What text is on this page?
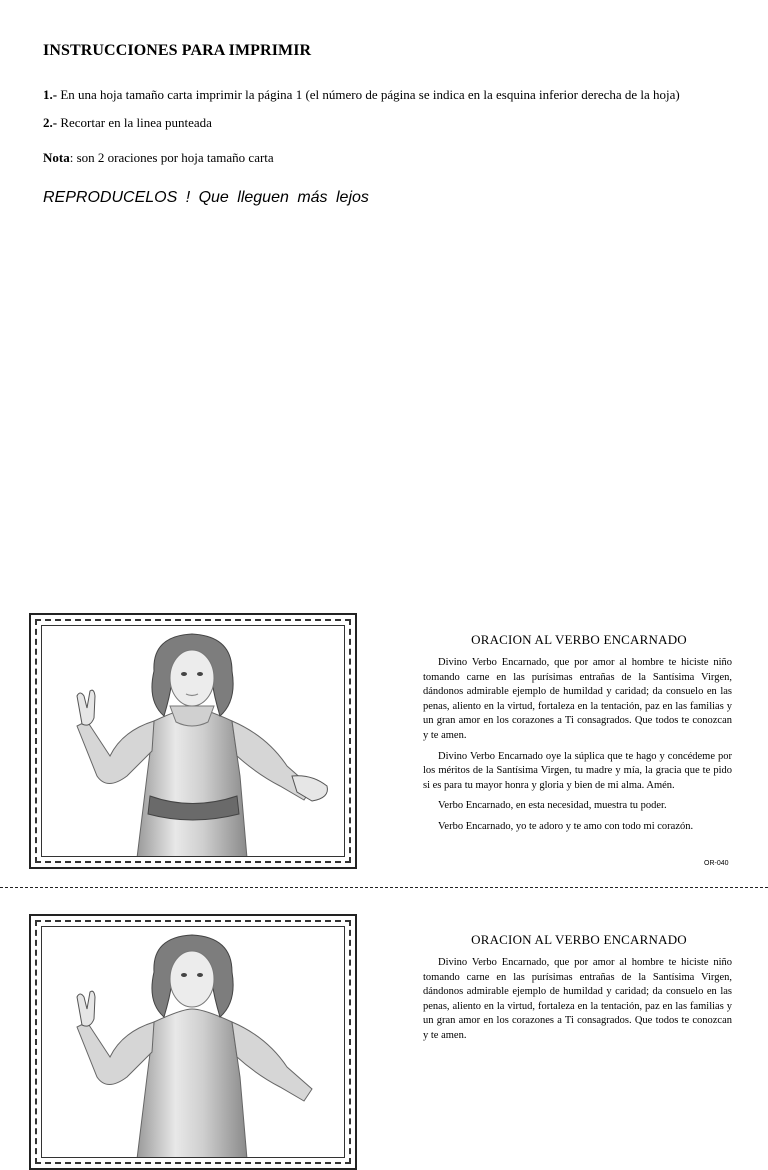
INSTRUCCIONES PARA IMPRIMIR
1.- En una hoja tamaño carta imprimir la página 1 (el número de página se indica en la esquina inferior derecha de la hoja)
2.- Recortar en la linea punteada
Nota: son 2 oraciones por hoja tamaño carta
REPRODUCELOS ! Que lleguen más lejos
ORACION AL VERBO ENCARNADO

Divino Verbo Encarnado, que por amor al hombre te hiciste niño tomando carne en las purísimas entrañas de la Santísima Virgen, dándonos admirable ejemplo de humildad y caridad; da consuelo en las penas, aliento en la virtud, fortaleza en la tentación, paz en las familias y un gran amor en los corazones a Ti consagrados. Que todos te conozcan y te amen.

Divino Verbo Encarnado oye la súplica que te hago y concédeme por los méritos de la Santísima Virgen, tu madre y mía, la gracia que te pido si es para tu mayor honra y gloria y bien de mi alma. Amén.

Verbo Encarnado, en esta necesidad, muestra tu poder.

Verbo Encarnado, yo te adoro y te amo con todo mi corazón.

OR-040
ORACION AL VERBO ENCARNADO

Divino Verbo Encarnado, que por amor al hombre te hiciste niño tomando carne en las purísimas entrañas de la Santísima Virgen, dándonos admirable ejemplo de humildad y caridad; da consuelo en las penas, aliento en la virtud, fortaleza en la tentación, paz en las familias y un gran amor en los corazones a Ti consagrados. Que todos te conozcan y te amen.
